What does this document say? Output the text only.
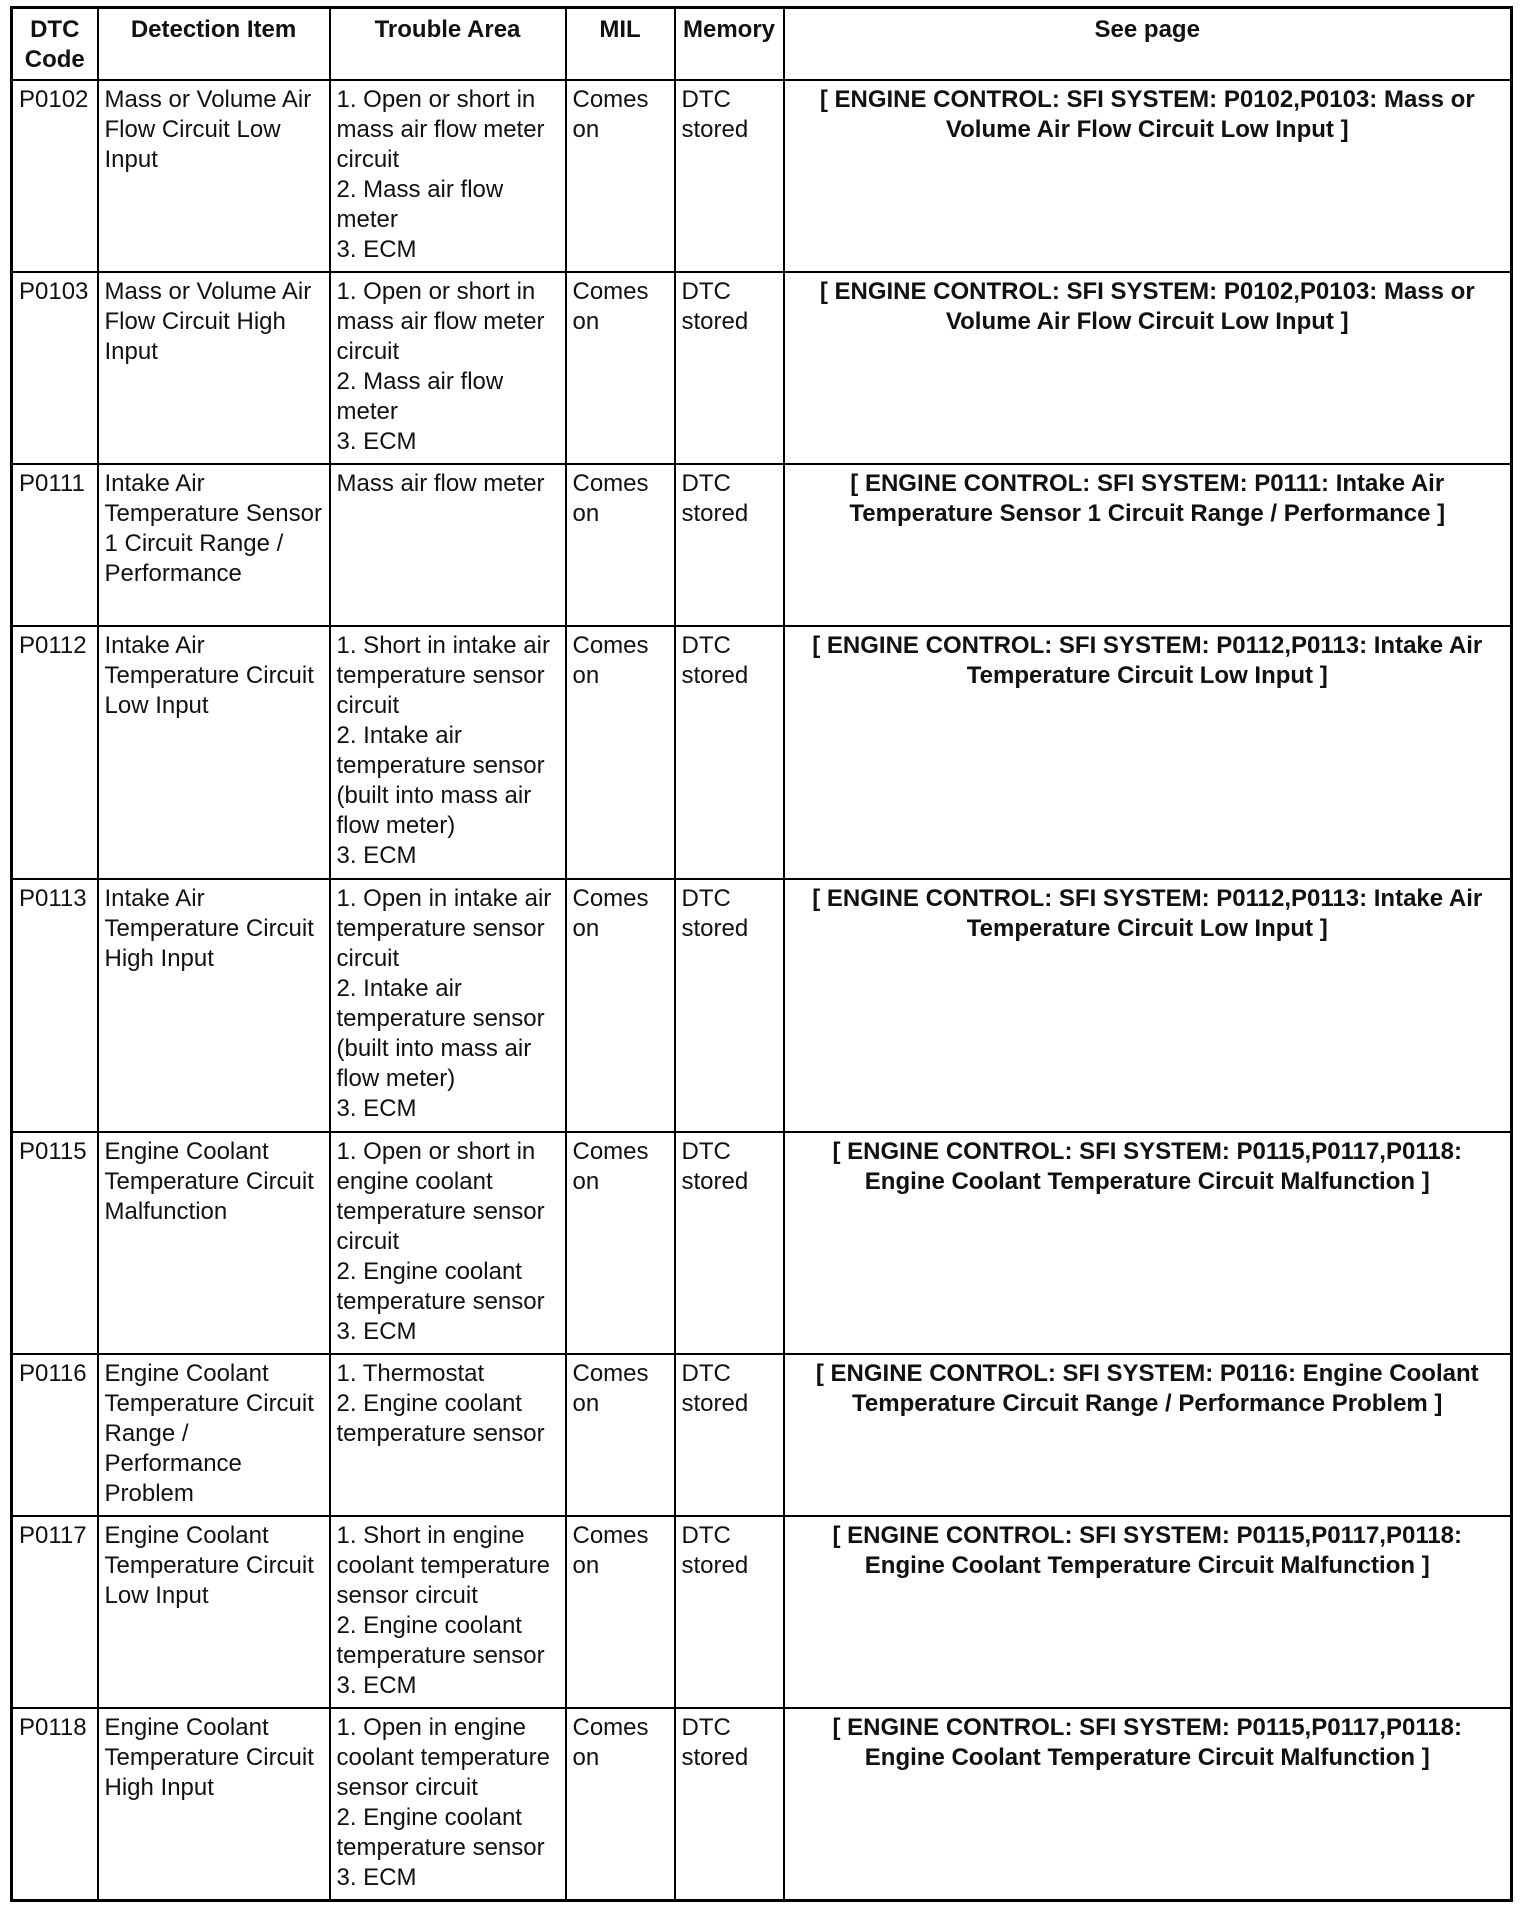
DTC Code	Detection Item	Trouble Area	MIL	Memory	See page
P0102	Mass or Volume Air Flow Circuit Low Input	1. Open or short in mass air flow meter circuit
2. Mass air flow meter
3. ECM	Comes on	DTC stored	[ ENGINE CONTROL: SFI SYSTEM: P0102,P0103: Mass or Volume Air Flow Circuit Low Input ]
P0103	Mass or Volume Air Flow Circuit High Input	1. Open or short in mass air flow meter circuit
2. Mass air flow meter
3. ECM	Comes on	DTC stored	[ ENGINE CONTROL: SFI SYSTEM: P0102,P0103: Mass or Volume Air Flow Circuit Low Input ]
P0111	Intake Air Temperature Sensor 1 Circuit Range / Performance	Mass air flow meter	Comes on	DTC stored	[ ENGINE CONTROL: SFI SYSTEM: P0111: Intake Air Temperature Sensor 1 Circuit Range / Performance ]
P0112	Intake Air Temperature Circuit Low Input	1. Short in intake air temperature sensor circuit
2. Intake air temperature sensor (built into mass air flow meter)
3. ECM	Comes on	DTC stored	[ ENGINE CONTROL: SFI SYSTEM: P0112,P0113: Intake Air Temperature Circuit Low Input ]
P0113	Intake Air Temperature Circuit High Input	1. Open in intake air temperature sensor circuit
2. Intake air temperature sensor (built into mass air flow meter)
3. ECM	Comes on	DTC stored	[ ENGINE CONTROL: SFI SYSTEM: P0112,P0113: Intake Air Temperature Circuit Low Input ]
P0115	Engine Coolant Temperature Circuit Malfunction	1. Open or short in engine coolant temperature sensor circuit
2. Engine coolant temperature sensor
3. ECM	Comes on	DTC stored	[ ENGINE CONTROL: SFI SYSTEM: P0115,P0117,P0118: Engine Coolant Temperature Circuit Malfunction ]
P0116	Engine Coolant Temperature Circuit Range / Performance Problem	1. Thermostat
2. Engine coolant temperature sensor	Comes on	DTC stored	[ ENGINE CONTROL: SFI SYSTEM: P0116: Engine Coolant Temperature Circuit Range / Performance Problem ]
P0117	Engine Coolant Temperature Circuit Low Input	1. Short in engine coolant temperature sensor circuit
2. Engine coolant temperature sensor
3. ECM	Comes on	DTC stored	[ ENGINE CONTROL: SFI SYSTEM: P0115,P0117,P0118: Engine Coolant Temperature Circuit Malfunction ]
P0118	Engine Coolant Temperature Circuit High Input	1. Open in engine coolant temperature sensor circuit
2. Engine coolant temperature sensor
3. ECM	Comes on	DTC stored	[ ENGINE CONTROL: SFI SYSTEM: P0115,P0117,P0118: Engine Coolant Temperature Circuit Malfunction ]
